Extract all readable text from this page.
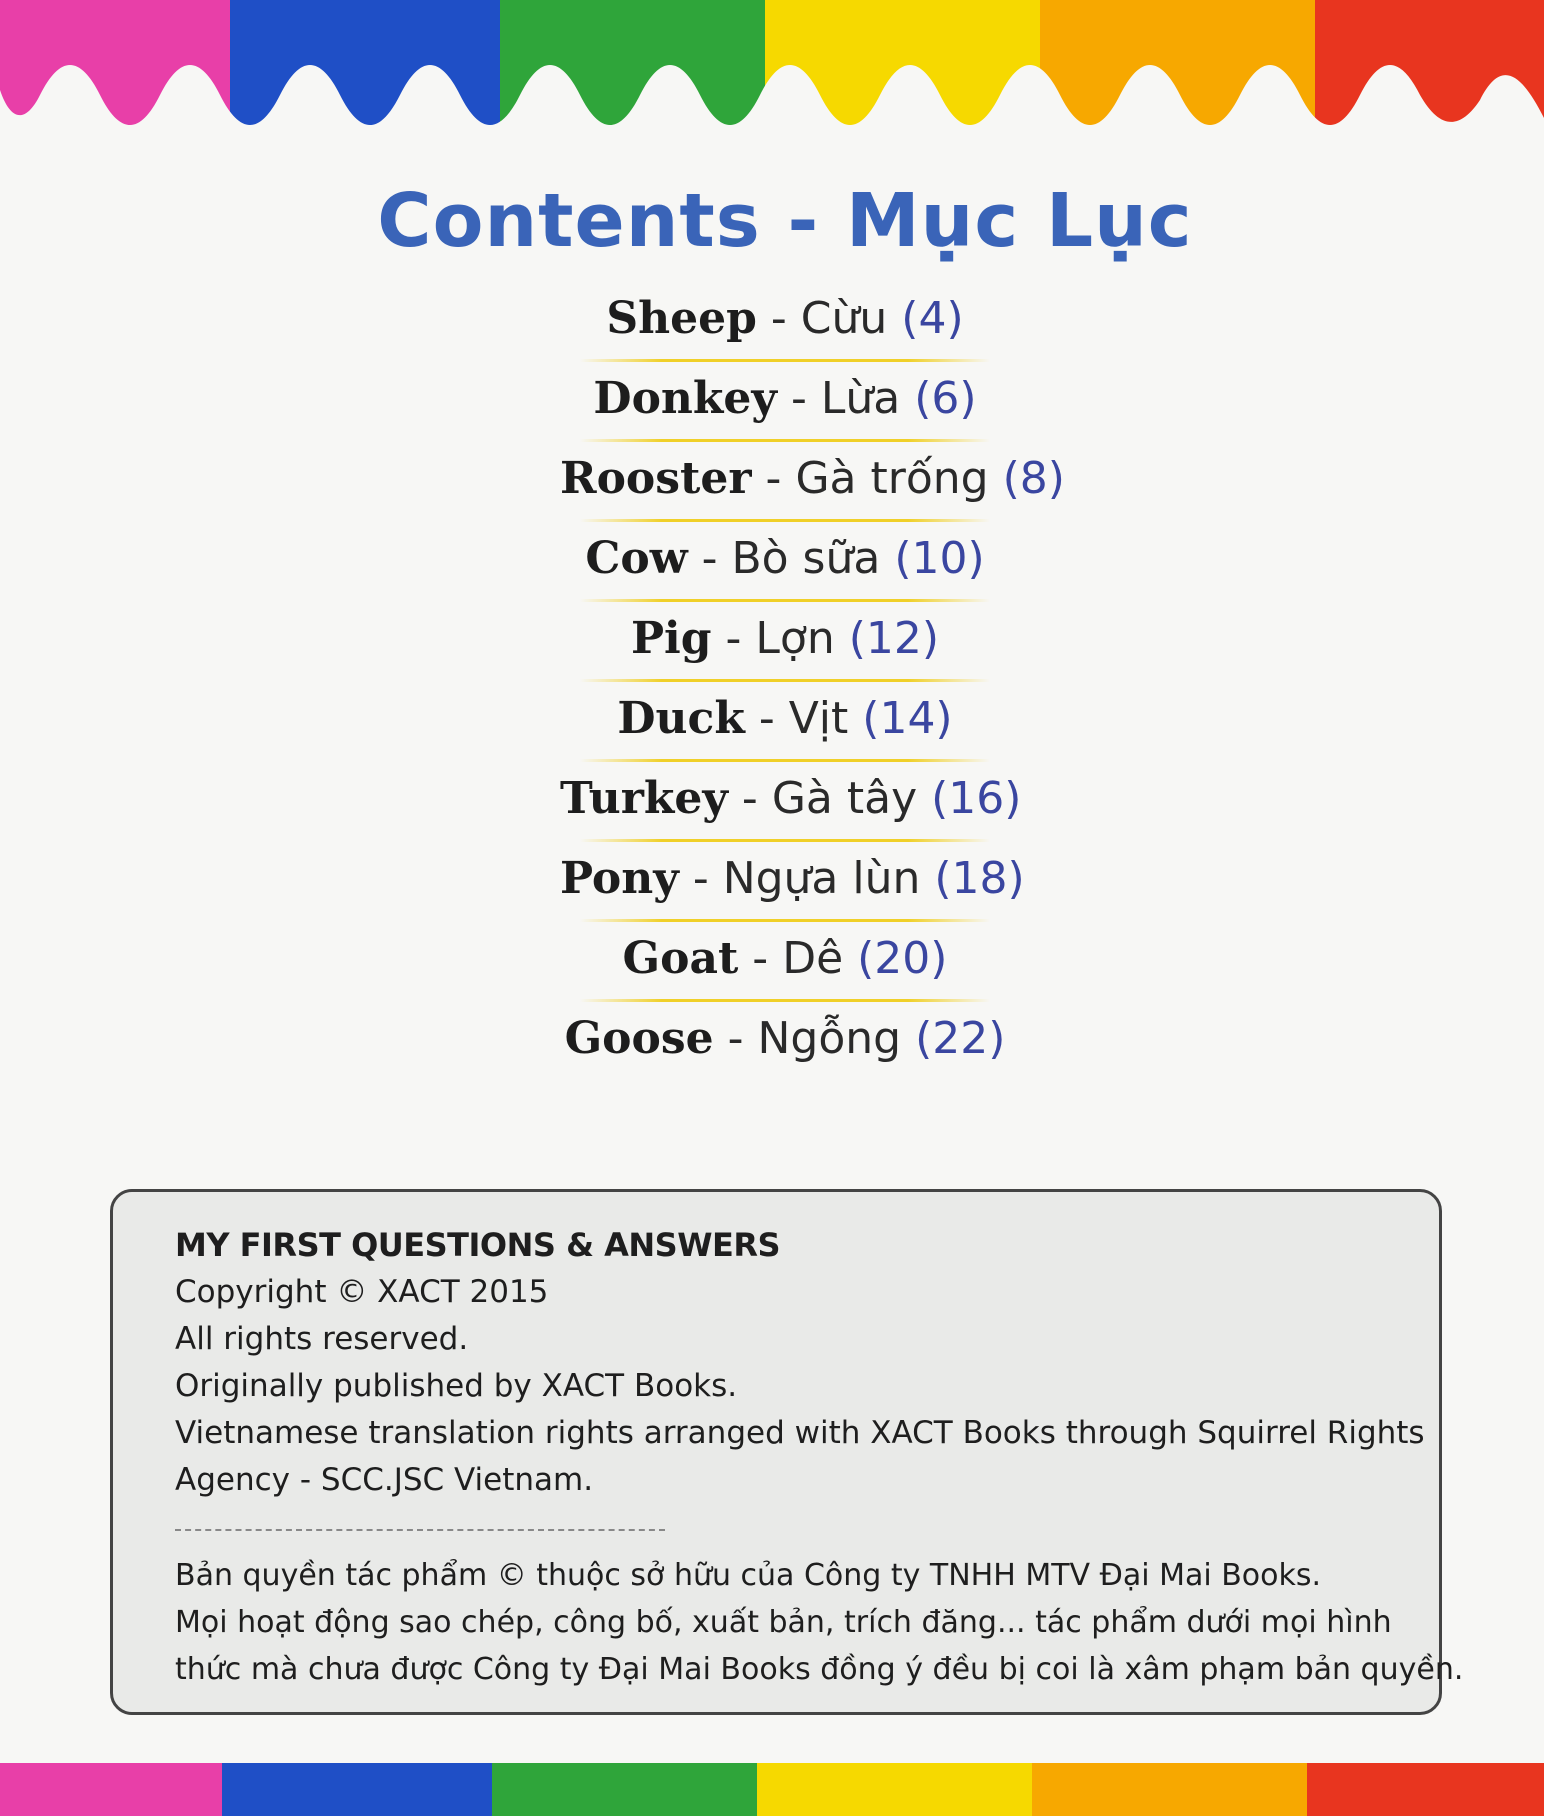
Contents - Mục Lục
Sheep - Cừu (4)
Donkey - Lừa (6)
Rooster - Gà trống (8)
Cow - Bò sữa (10)
Pig - Lợn (12)
Duck - Vịt (14)
Turkey - Gà tây (16)
Pony - Ngựa lùn (18)
Goat - Dê (20)
Goose - Ngỗng (22)
MY FIRST QUESTIONS & ANSWERS
Copyright © XACT 2015
All rights reserved.
Originally published by XACT Books.
Vietnamese translation rights arranged with XACT Books through Squirrel Rights
Agency - SCC.JSC Vietnam.
Bản quyền tác phẩm © thuộc sở hữu của Công ty TNHH MTV Đại Mai Books.
Mọi hoạt động sao chép, công bố, xuất bản, trích đăng... tác phẩm dưới mọi hình
thức mà chưa được Công ty Đại Mai Books đồng ý đều bị coi là xâm phạm bản quyền.
